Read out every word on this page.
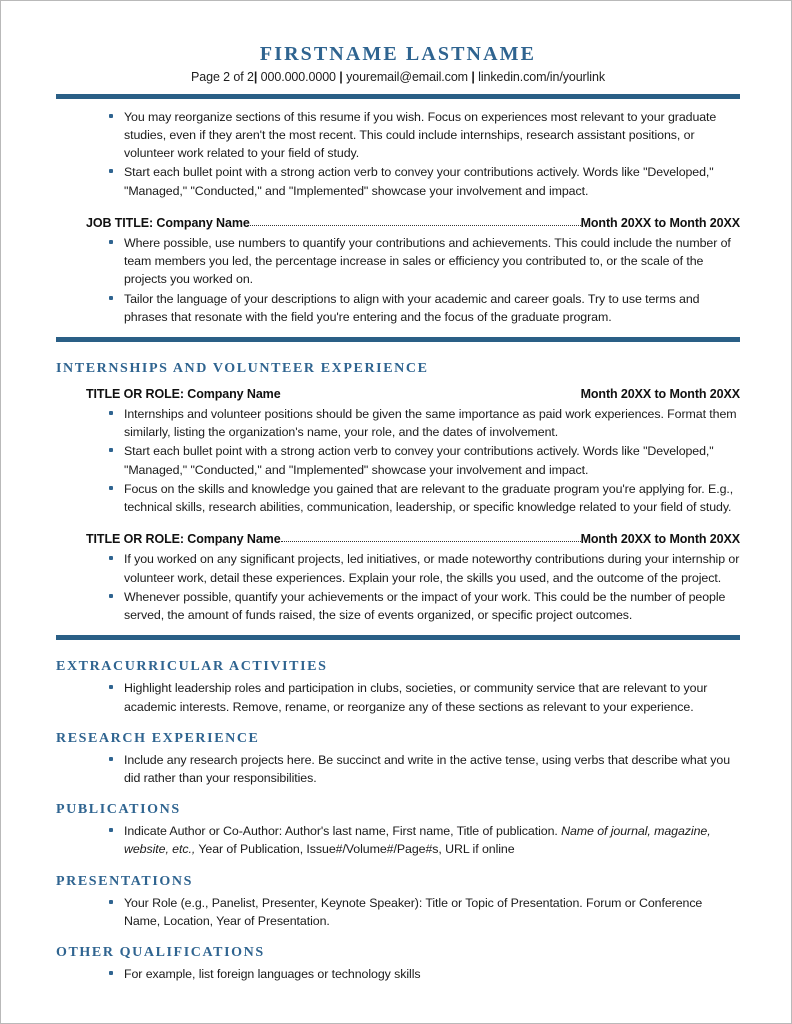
FIRSTNAME LASTNAME
Page 2 of 2| 000.000.0000 | youremail@email.com | linkedin.com/in/yourlink
You may reorganize sections of this resume if you wish. Focus on experiences most relevant to your graduate studies, even if they aren't the most recent. This could include internships, research assistant positions, or volunteer work related to your field of study.
Start each bullet point with a strong action verb to convey your contributions actively. Words like "Developed," "Managed," "Conducted," and "Implemented" showcase your involvement and impact.
JOB TITLE: Company Name	Month 20XX to Month 20XX
Where possible, use numbers to quantify your contributions and achievements. This could include the number of team members you led, the percentage increase in sales or efficiency you contributed to, or the scale of the projects you worked on.
Tailor the language of your descriptions to align with your academic and career goals. Try to use terms and phrases that resonate with the field you're entering and the focus of the graduate program.
INTERNSHIPS AND VOLUNTEER EXPERIENCE
TITLE OR ROLE: Company Name	Month 20XX to Month 20XX
Internships and volunteer positions should be given the same importance as paid work experiences. Format them similarly, listing the organization's name, your role, and the dates of involvement.
Start each bullet point with a strong action verb to convey your contributions actively. Words like "Developed," "Managed," "Conducted," and "Implemented" showcase your involvement and impact.
Focus on the skills and knowledge you gained that are relevant to the graduate program you're applying for. E.g., technical skills, research abilities, communication, leadership, or specific knowledge related to your field of study.
TITLE OR ROLE: Company Name	Month 20XX to Month 20XX
If you worked on any significant projects, led initiatives, or made noteworthy contributions during your internship or volunteer work, detail these experiences. Explain your role, the skills you used, and the outcome of the project.
Whenever possible, quantify your achievements or the impact of your work. This could be the number of people served, the amount of funds raised, the size of events organized, or specific project outcomes.
EXTRACURRICULAR ACTIVITIES
Highlight leadership roles and participation in clubs, societies, or community service that are relevant to your academic interests. Remove, rename, or reorganize any of these sections as relevant to your experience.
RESEARCH EXPERIENCE
Include any research projects here. Be succinct and write in the active tense, using verbs that describe what you did rather than your responsibilities.
PUBLICATIONS
Indicate Author or Co-Author: Author's last name, First name, Title of publication. Name of journal, magazine, website, etc., Year of Publication, Issue#/Volume#/Page#s, URL if online
PRESENTATIONS
Your Role (e.g., Panelist, Presenter, Keynote Speaker): Title or Topic of Presentation. Forum or Conference Name, Location, Year of Presentation.
OTHER QUALIFICATIONS
For example, list foreign languages or technology skills
